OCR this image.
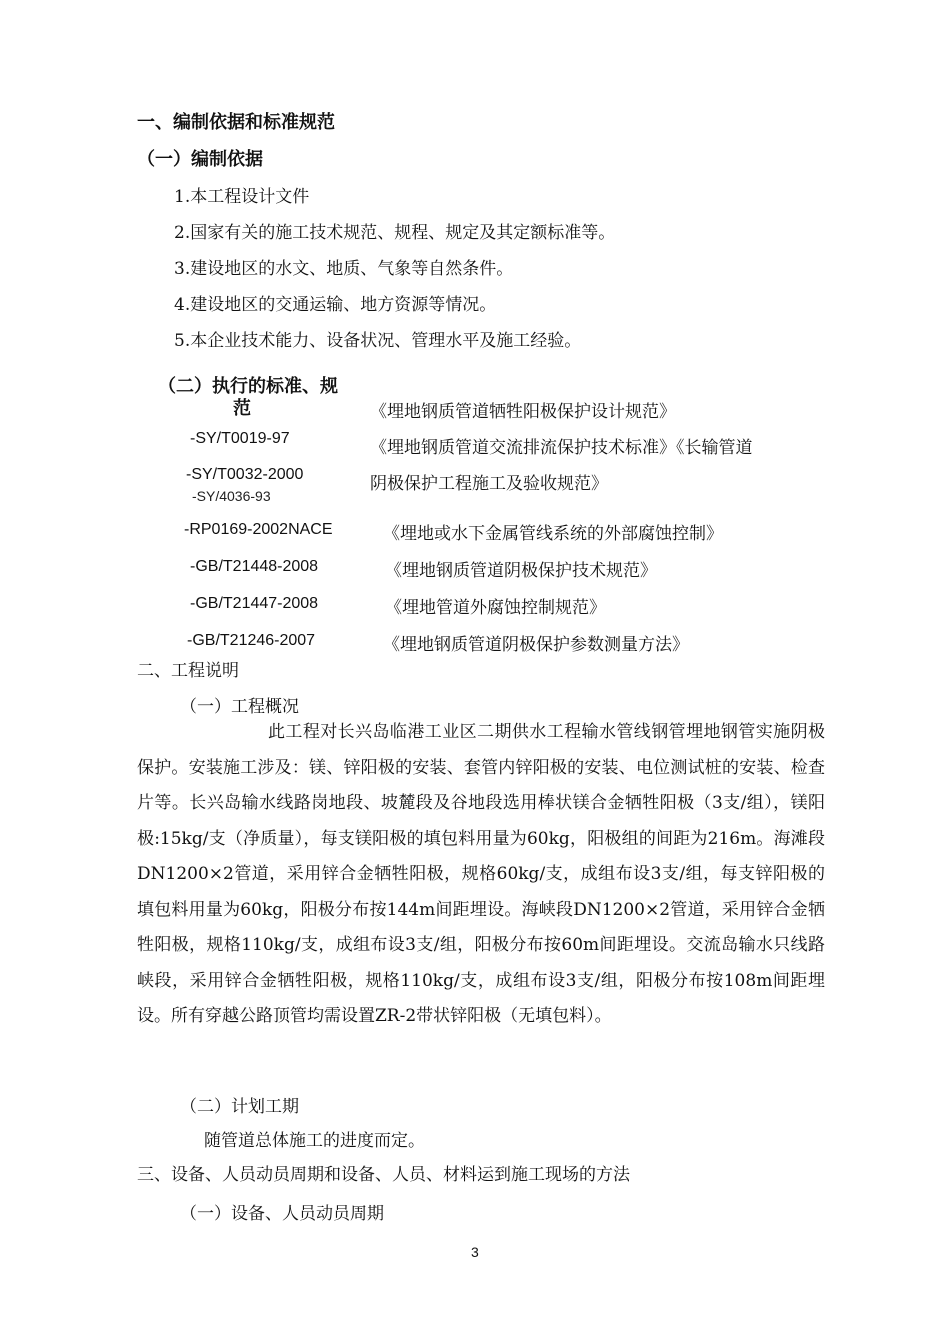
一、编制依据和标准规范
（一）编制依据
1.本工程设计文件
2.国家有关的施工技术规范、规程、规定及其定额标准等。
3.建设地区的水文、地质、气象等自然条件。
4.建设地区的交通运输、地方资源等情况。
5.本企业技术能力、设备状况、管理水平及施工经验。
（二）执行的标准、规
范	《埋地钢质管道牺牲阳极保护设计规范》
-SY/T0019-97	《埋地钢质管道交流排流保护技术标准》《长输管道
-SY/T0032-2000	阴极保护工程施工及验收规范》
-SY/4036-93
-RP0169-2002NACE	《埋地或水下金属管线系统的外部腐蚀控制》
-GB/T21448-2008	《埋地钢质管道阴极保护技术规范》
-GB/T21447-2008	《埋地管道外腐蚀控制规范》
-GB/T21246-2007	《埋地钢质管道阴极保护参数测量方法》
二、工程说明
（一）工程概况
此工程对长兴岛临港工业区二期供水工程输水管线钢管埋地钢管实施阴极保护。安装施工涉及：镁、锌阳极的安装、套管内锌阳极的安装、电位测试桩的安装、检查片等。长兴岛输水线路岗地段、坡麓段及谷地段选用棒状镁合金牺牲阳极（3支/组），镁阳极:15kg/支（净质量），每支镁阳极的填包料用量为60kg，阳极组的间距为216m。海滩段DN1200×2管道，采用锌合金牺牲阳极，规格60kg/支，成组布设3支/组，每支锌阳极的填包料用量为60kg，阳极分布按144m间距埋设。海峡段DN1200×2管道，采用锌合金牺牲阳极，规格110kg/支，成组布设3支/组，阳极分布按60m间距埋设。交流岛输水只线路峡段，采用锌合金牺牲阳极，规格110kg/支，成组布设3支/组，阳极分布按108m间距埋设。所有穿越公路顶管均需设置ZR-2带状锌阳极（无填包料）。
（二）计划工期
随管道总体施工的进度而定。
三、设备、人员动员周期和设备、人员、材料运到施工现场的方法
（一）设备、人员动员周期
3
